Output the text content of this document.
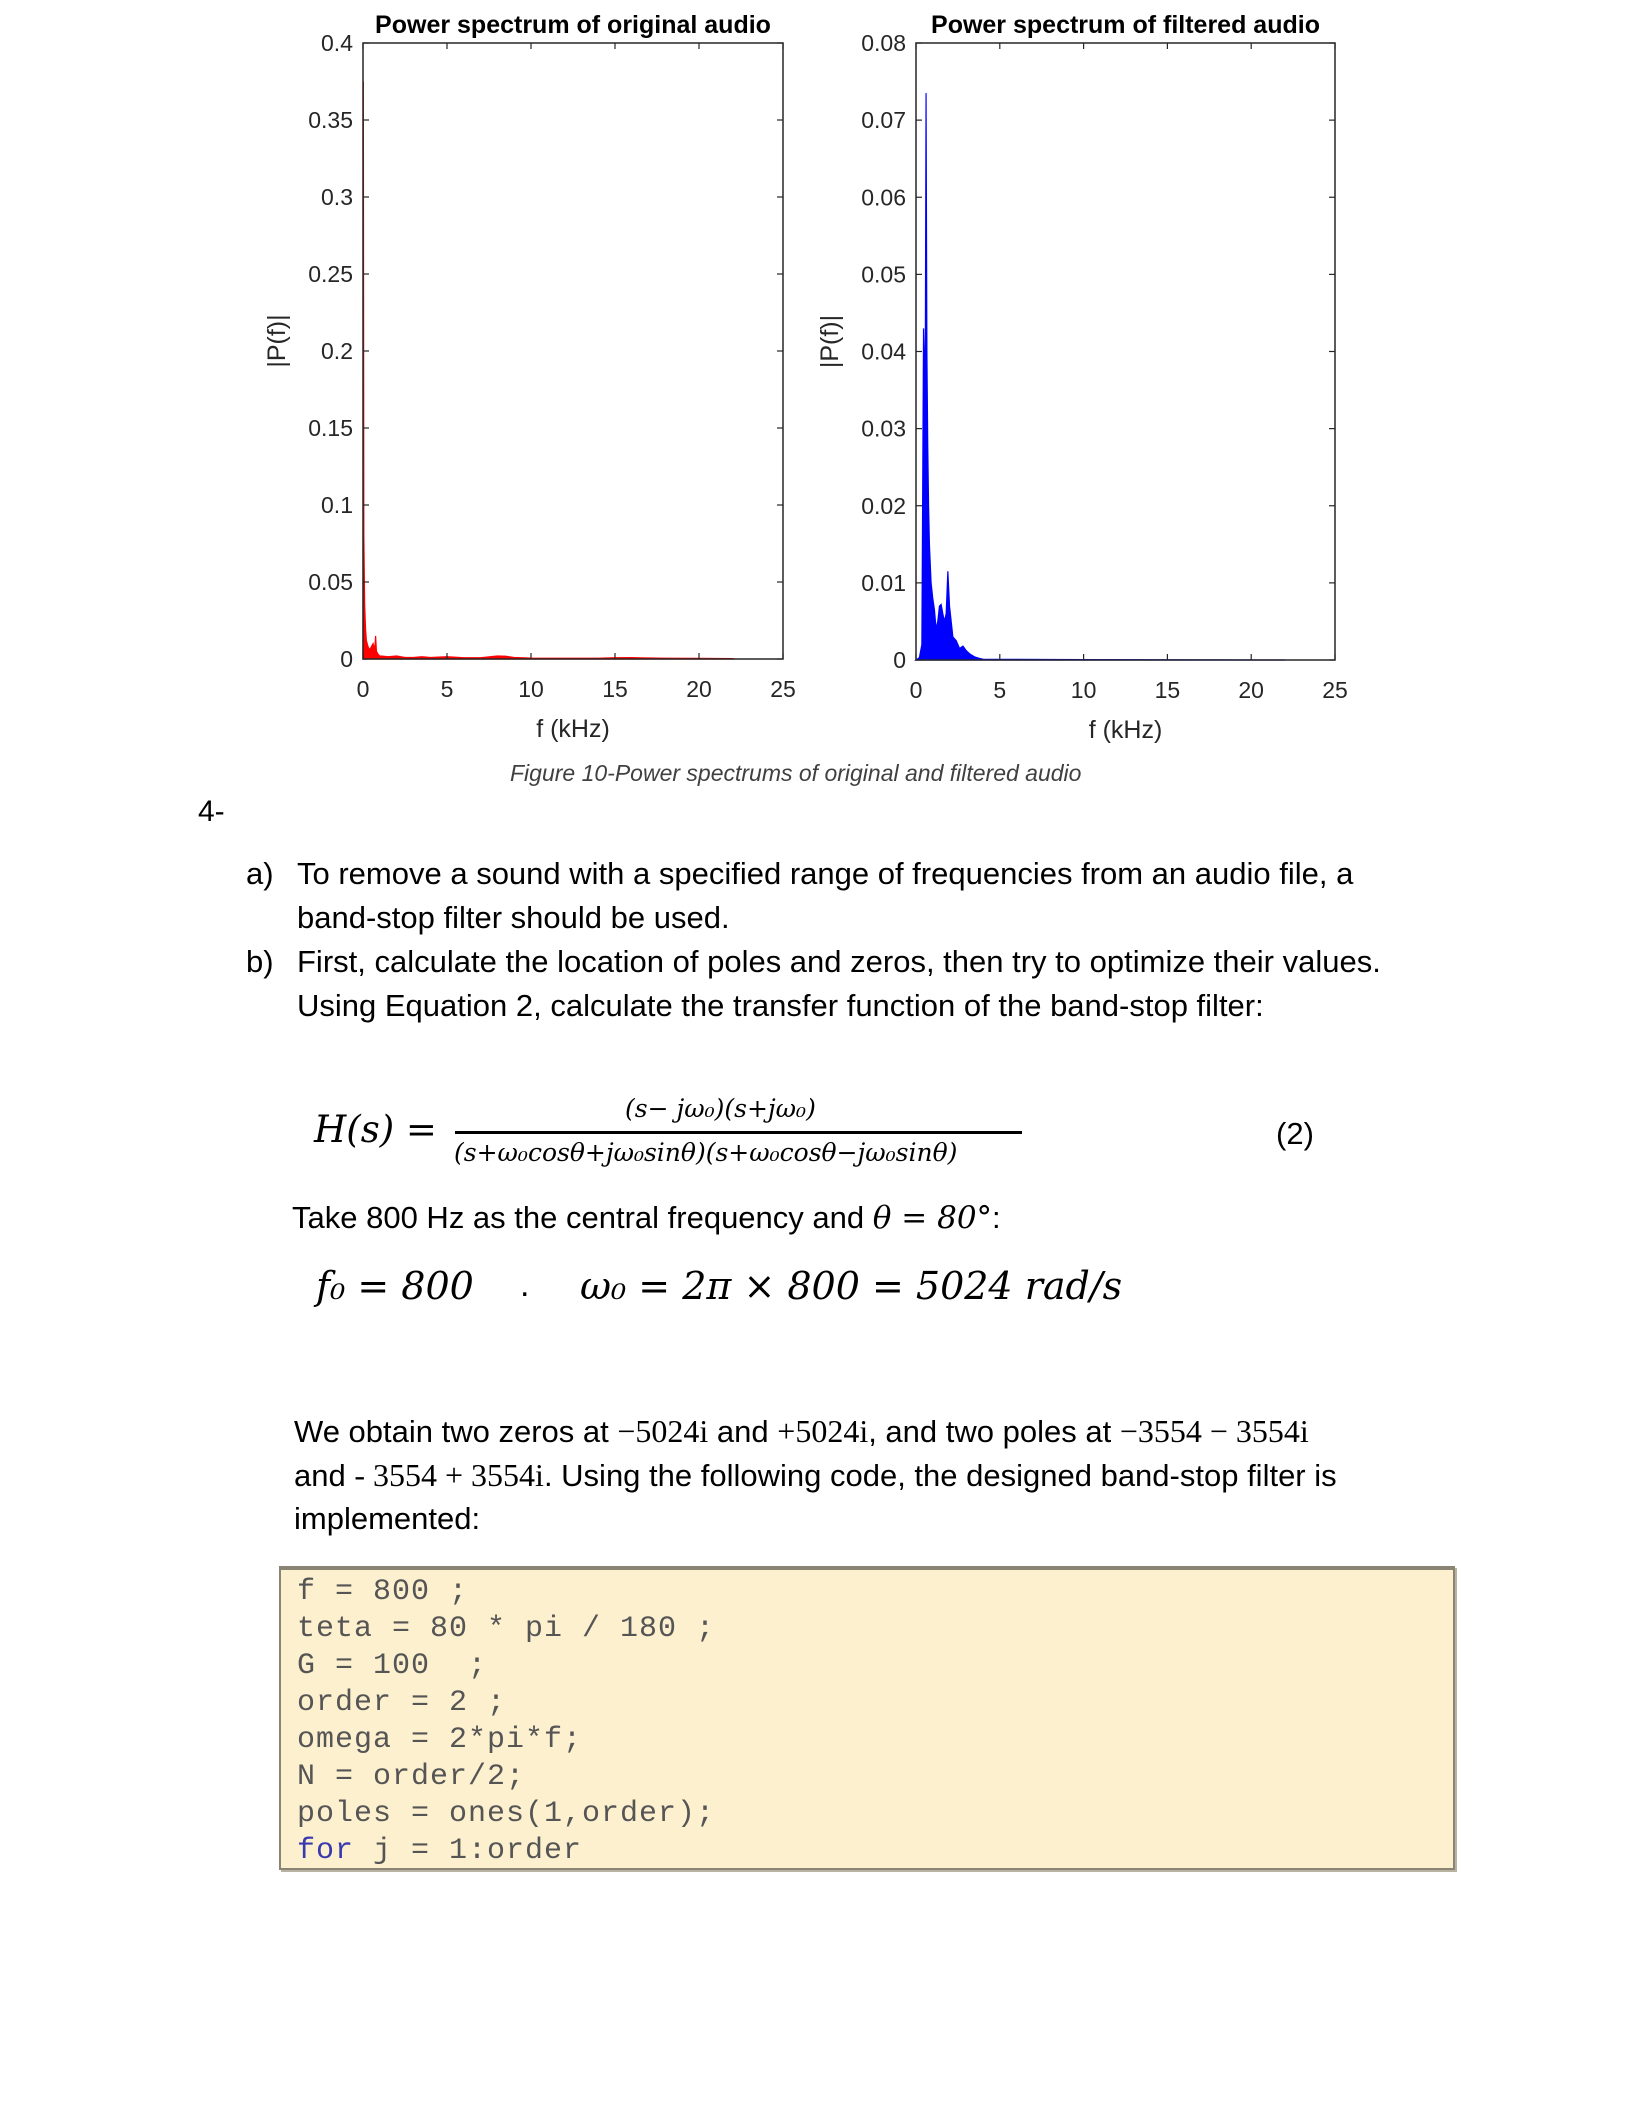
0	5	10	15	20	25
0
0.05
0.1
0.15
0.2
0.25
0.3
0.35
0.4
Power spectrum of original audio
f (kHz)
|P(f)|
0	5	10	15	20	25
0
0.01
0.02
0.03
0.04
0.05
0.06
0.07
0.08
Power spectrum of filtered audio
f (kHz)
|P(f)|
Figure 10-Power spectrums of original and filtered audio
4-
a) To remove a sound with a specified range of frequencies from an audio file, a
band-stop filter should be used.
b) First, calculate the location of poles and zeros, then try to optimize their values.
Using Equation 2, calculate the transfer function of the band-stop filter:
H(s) =	(s− jω₀)(s+jω₀)
(s+ω₀cosθ+jω₀sinθ)(s+ω₀cosθ−jω₀sinθ)
(2)
Take 800 Hz as the central frequency and θ = 80°:
f₀ = 800 . ω₀ = 2π × 800 = 5024 rad/s
We obtain two zeros at −5024i and +5024i, and two poles at −3554 − 3554i
and - 3554 + 3554i. Using the following code, the designed band-stop filter is
implemented:
f = 800 ;
teta = 80 * pi / 180 ;
G = 100  ;
order = 2 ;
omega = 2*pi*f;
N = order/2;
poles = ones(1,order);
for j = 1:order
